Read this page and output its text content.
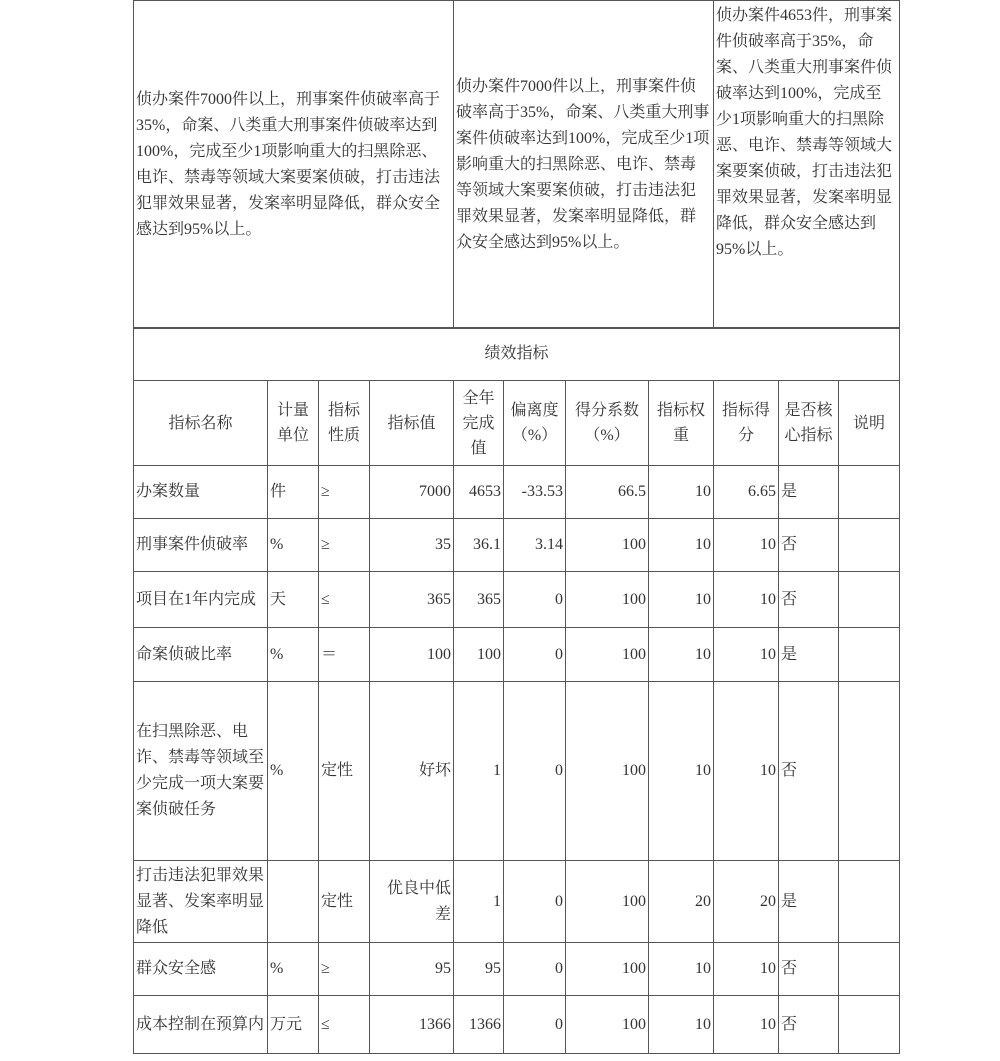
侦办案件7000件以上，刑事案件侦破率高于35%，命案、八类重大刑事案件侦破率达到100%，完成至少1项影响重大的扫黑除恶、电诈、禁毒等领域大案要案侦破，打击违法犯罪效果显著，发案率明显降低，群众安全感达到95%以上。	侦办案件7000件以上，刑事案件侦破率高于35%，命案、八类重大刑事案件侦破率达到100%，完成至少1项影响重大的扫黑除恶、电诈、禁毒等领域大案要案侦破，打击违法犯罪效果显著，发案率明显降低，群众安全感达到95%以上。	侦办案件4653件，刑事案件侦破率高于35%，命案、八类重大刑事案件侦破率达到100%，完成至少1项影响重大的扫黑除恶、电诈、禁毒等领域大案要案侦破，打击违法犯罪效果显著，发案率明显降低，群众安全感达到95%以上。
绩效指标										
指标名称	计量单位	指标性质	指标值	全年完成值	偏离度（%）	得分系数（%）	指标权重	指标得分	是否核心指标	说明
办案数量	件	≥	7000	4653	-33.53	66.5	10	6.65	是	
刑事案件侦破率	%	≥	35	36.1	3.14	100	10	10	否	
项目在1年内完成	天	≤	365	365	0	100	10	10	否	
命案侦破比率	%	＝	100	100	0	100	10	10	是	
在扫黑除恶、电诈、禁毒等领域至少完成一项大案要案侦破任务	%	定性	好坏	1	0	100	10	10	否	
打击违法犯罪效果显著、发案率明显降低		定性	优良中低差	1	0	100	20	20	是	
群众安全感	%	≥	95	95	0	100	10	10	否	
成本控制在预算内	万元	≤	1366	1366	0	100	10	10	否	
